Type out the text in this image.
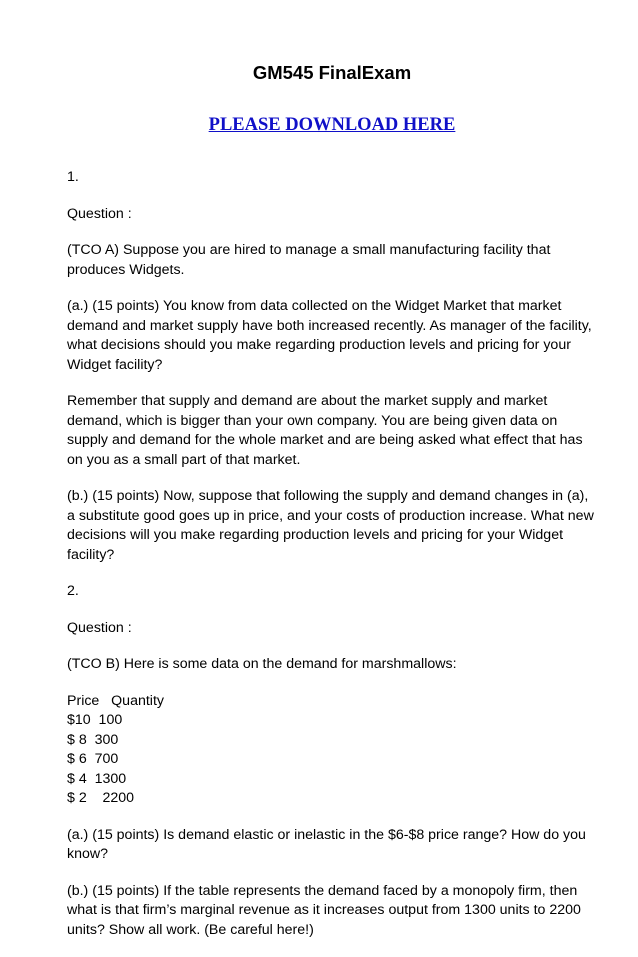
GM545 FinalExam
PLEASE DOWNLOAD HERE

1.

Question :

(TCO A) Suppose you are hired to manage a small manufacturing facility that produces Widgets.

(a.) (15 points) You know from data collected on the Widget Market that market demand and market supply have both increased recently. As manager of the facility, what decisions should you make regarding production levels and pricing for your Widget facility?

Remember that supply and demand are about the market supply and market demand, which is bigger than your own company. You are being given data on supply and demand for the whole market and are being asked what effect that has on you as a small part of that market.

(b.) (15 points) Now, suppose that following the supply and demand changes in (a), a substitute good goes up in price, and your costs of production increase. What new decisions will you make regarding production levels and pricing for your Widget facility?

2.

Question :

(TCO B) Here is some data on the demand for marshmallows:

Price   Quantity
$10  100
$ 8  300
$ 6  700
$ 4  1300
$ 2    2200

(a.) (15 points) Is demand elastic or inelastic in the $6-$8 price range? How do you know?

(b.) (15 points) If the table represents the demand faced by a monopoly firm, then what is that firm’s marginal revenue as it increases output from 1300 units to 2200 units? Show all work. (Be careful here!)
